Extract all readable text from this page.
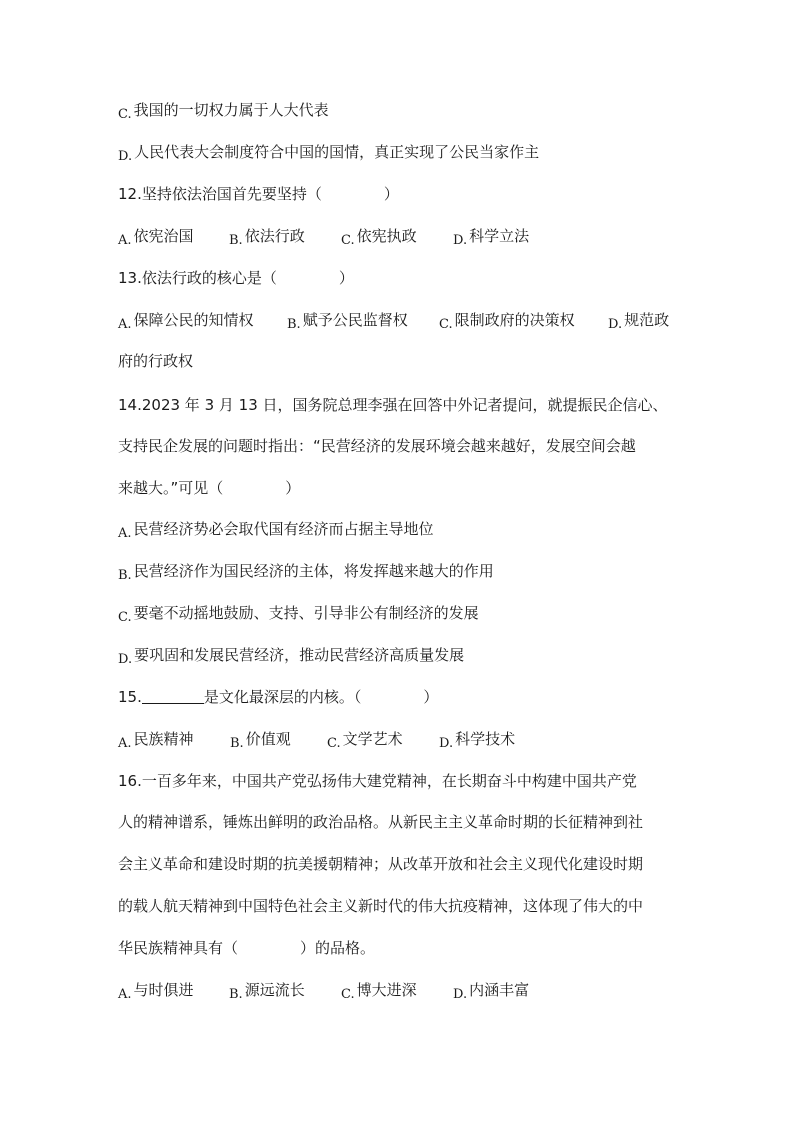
C. 我国的一切权力属于人大代表
D. 人民代表大会制度符合中国的国情，真正实现了公民当家作主
12.坚持依法治国首先要坚持（	）
A. 依宪治国	B. 依法行政	C. 依宪执政	D. 科学立法
13.依法行政的核心是（	）
A. 保障公民的知情权	B. 赋予公民监督权 C. 限制政府的决策权	D. 规范政
府的行政权
14.2023 年 3 月 13 日，国务院总理李强在回答中外记者提问，就提振民企信心、
支持民企发展的问题时指出：“民营经济的发展环境会越来越好，发展空间会越
来越大。”可见（	）
A. 民营经济势必会取代国有经济而占据主导地位
B. 民营经济作为国民经济的主体，将发挥越来越大的作用
C. 要毫不动摇地鼓励、支持、引导非公有制经济的发展
D. 要巩固和发展民营经济，推动民营经济高质量发展
15.	是文化最深层的内核。（	）
A. 民族精神	B. 价值观	C. 文学艺术	D. 科学技术
16.一百多年来，中国共产党弘扬伟大建党精神，在长期奋斗中构建中国共产党
人的精神谱系，锤炼出鲜明的政治品格。从新民主主义革命时期的长征精神到社
会主义革命和建设时期的抗美援朝精神；从改革开放和社会主义现代化建设时期
的载人航天精神到中国特色社会主义新时代的伟大抗疫精神，这体现了伟大的中
华民族精神具有（	）的品格。
A. 与时俱进	B. 源远流长	C. 博大进深	D. 内涵丰富
